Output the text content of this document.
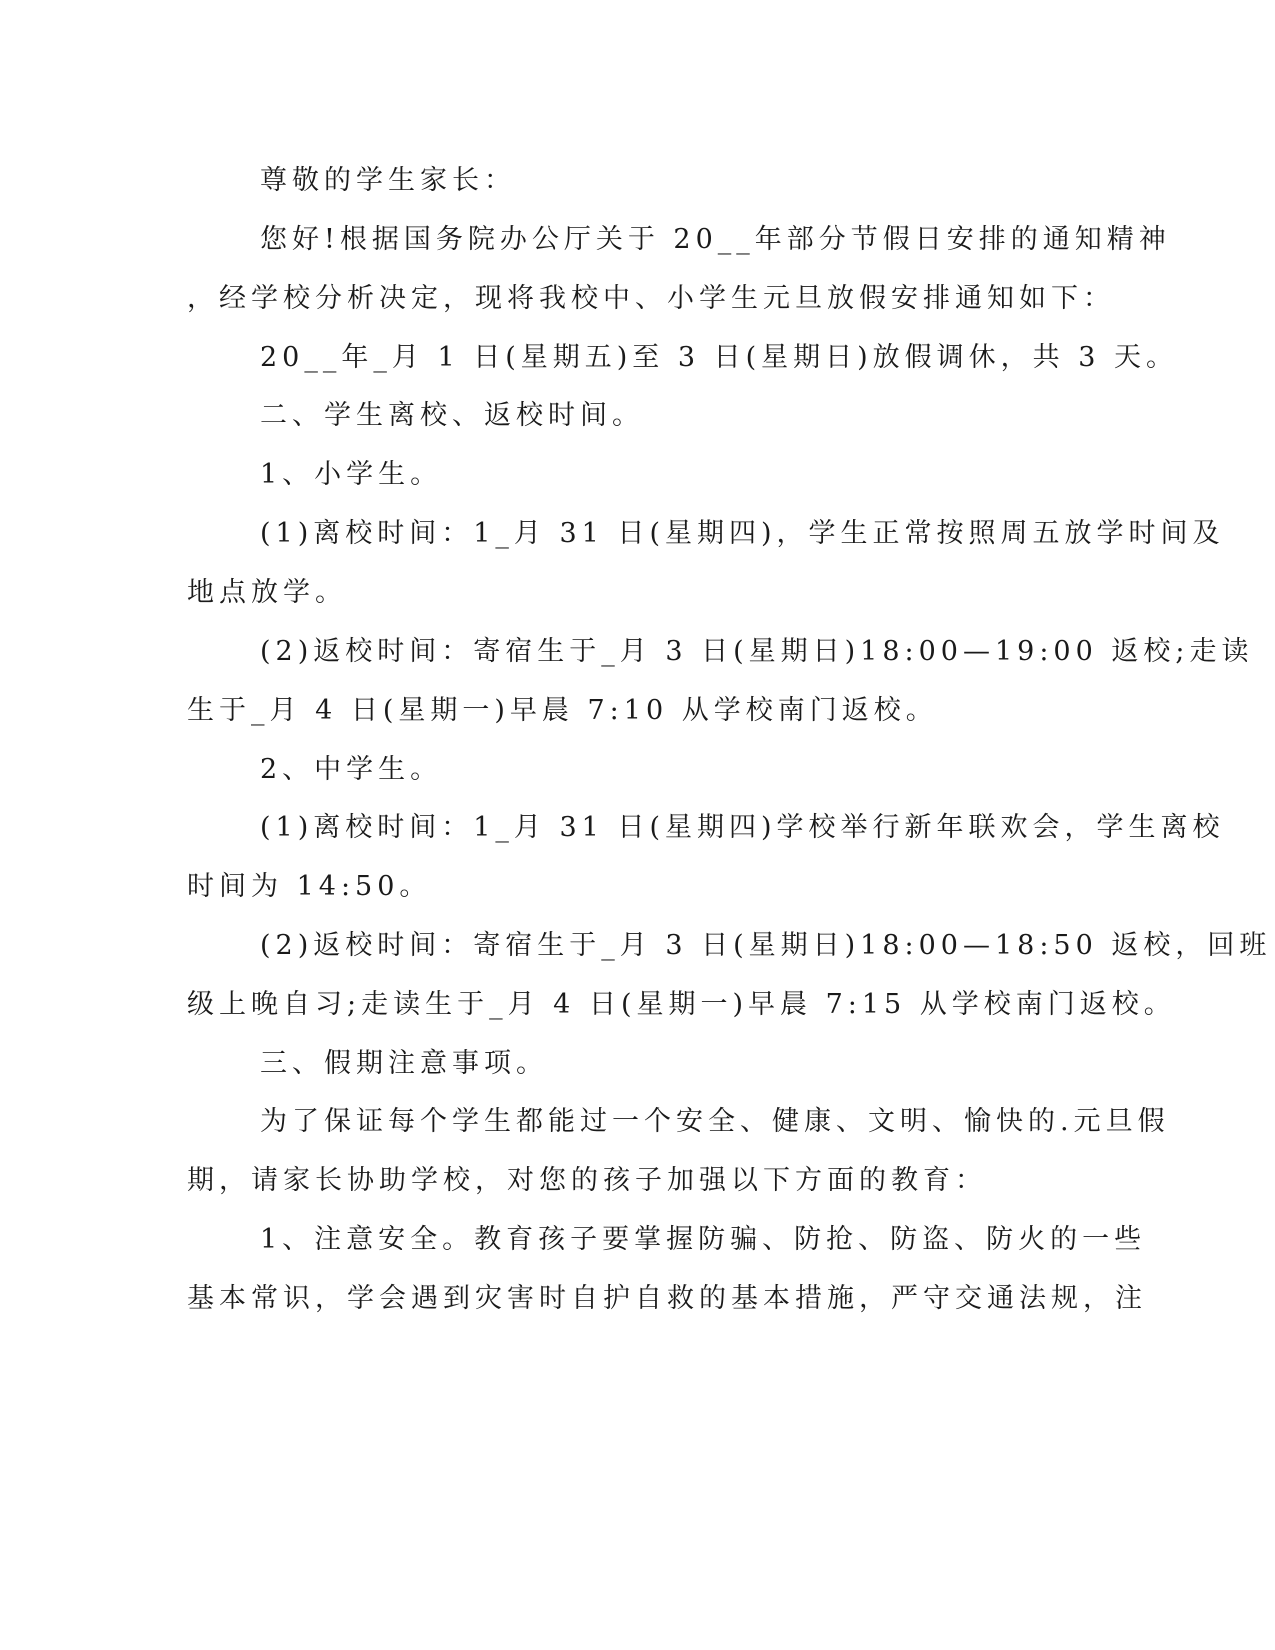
尊敬的学生家长：
您好!根据国务院办公厅关于 20__年部分节假日安排的通知精神
，经学校分析决定，现将我校中、小学生元旦放假安排通知如下：
20__年_月 1 日(星期五)至 3 日(星期日)放假调休，共 3 天。
二、学生离校、返校时间。
1、小学生。
(1)离校时间：1_月 31 日(星期四)，学生正常按照周五放学时间及
地点放学。
(2)返校时间：寄宿生于_月 3 日(星期日)18:00—19:00 返校;走读
生于_月 4 日(星期一)早晨 7:10 从学校南门返校。
2、中学生。
(1)离校时间：1_月 31 日(星期四)学校举行新年联欢会，学生离校
时间为 14:50。
(2)返校时间：寄宿生于_月 3 日(星期日)18:00—18:50 返校，回班
级上晚自习;走读生于_月 4 日(星期一)早晨 7:15 从学校南门返校。
三、假期注意事项。
为了保证每个学生都能过一个安全、健康、文明、愉快的.元旦假
期，请家长协助学校，对您的孩子加强以下方面的教育：
1、注意安全。教育孩子要掌握防骗、防抢、防盗、防火的一些
基本常识，学会遇到灾害时自护自救的基本措施，严守交通法规，注
